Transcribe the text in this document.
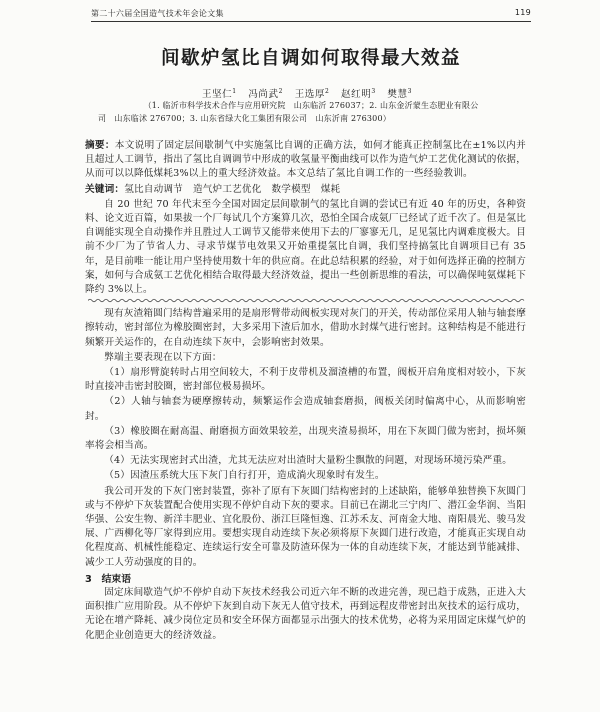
第二十六届全国造气技术年会论文集	119
间歇炉氢比自调如何取得最大效益
王坚仁$^1$ 冯尚武$^2$ 王选厚$^2$ 赵红明$^3$ 樊慧$^3$
（1. 临沂市科学技术合作与应用研究院　山东临沂 276037；2. 山东金沂蒙生态肥业有限公
司　山东临沭 276700；3. 山东省绿大化工集团有限公司　山东沂南 276300）
摘要：本文说明了固定层间歇制气中实施氢比自调的正确方法，如何才能真正控制氢比在±1%以内并且超过人工调节，指出了氢比自调调节中形成的收氢量平衡曲线可以作为造气炉工艺优化测试的依据，从而可以以降低煤耗3%以上的重大经济效益。本文总结了氢比自调工作的一些经验教训。
关键词：氢比自动调节 造气炉工艺优化 数学模型 煤耗
自 20 世纪 70 年代末至今全国对固定层间歇制气的氢比自调的尝试已有近 40 年的历史，各种资料、论文近百篇，如果拔一个厂每试几个方案算几次，恐怕全国合成氨厂已经试了近千次了。但是氢比自调能实现全自动操作并且胜过人工调节又能带来使用下去的厂寥寥无几，足见氢比内调难度极大。目前不少厂为了节省人力、寻求节煤节电效果又开始重提氢比自调，我们坚持搞氢比自调项目已有 35 年，是目前唯一能让用户坚持使用数十年的供应商。在此总结积累的经验，对于如何选择正确的控制方案，如何与合成氨工艺优化相结合取得最大经济效益，提出一些创新思维的看法，可以确保吨氨煤耗下降约 3%以上。
现有灰渣箱圆门结构普遍采用的是扇形臂带动阀板实现对灰门的开关，传动部位采用人轴与轴套摩擦转动，密封部位为橡胶圈密封，大多采用下渣后加水，借助水封煤气进行密封。这种结构是不能进行频繁开关运作的，在自动连续下灰中，会影响密封效果。
弊端主要表现在以下方面：
（1）扇形臂旋转时占用空间较大，不利于皮带机及溜渣槽的布置，阀板开启角度相对较小，下灰时直接冲击密封胶圈，密封部位极易损坏。
（2）人轴与轴套为硬摩擦转动，频繁运作会造成轴套磨损，阀板关闭时偏离中心，从而影响密封。
（3）橡胶圈在耐高温、耐磨损方面效果较差，出现夹渣易损坏，用在下灰圆门做为密封，损坏频率将会相当高。
（4）无法实现密封式出渣，尤其无法应对出渣时大量粉尘飘散的问题，对现场环境污染严重。
（5）因渣压系统大压下灰门自行打开，造成淌火现象时有发生。
我公司开发的下灰门密封装置，弥补了原有下灰圆门结构密封的上述缺陷，能够单独替换下灰圆门或与不停炉下灰装置配合使用实现不停炉自动下灰的要求。目前已在湖北三宁肉厂、潜江金华润、当阳华强、公安生物、新洋丰肥业、宜化股份、浙江巨隆恒逸、江苏禾友、河南金大地、南阳晨光、骏马发展、广西柳化等厂家得到应用。要想实现自动连续下灰必须将原下灰圆门进行改造，才能真正实现自动化程度高、机械性能稳定、连续运行安全可靠及防渣环保为一体的自动连续下灰，才能达到节能减排、减少工人劳动强度的目的。
3　结束语
固定床间歇造气炉不停炉自动下灰技术经我公司近六年不断的改进完善，现已趋于成熟，正进入大面积推广应用阶段。从不停炉下灰到自动下灰无人值守技术，再到远程皮带密封出灰技术的运行成功，无论在增产降耗、减少岗位定员和安全环保方面都显示出强大的技术优势，必将为采用固定床煤气炉的化肥企业创造更大的经济效益。
